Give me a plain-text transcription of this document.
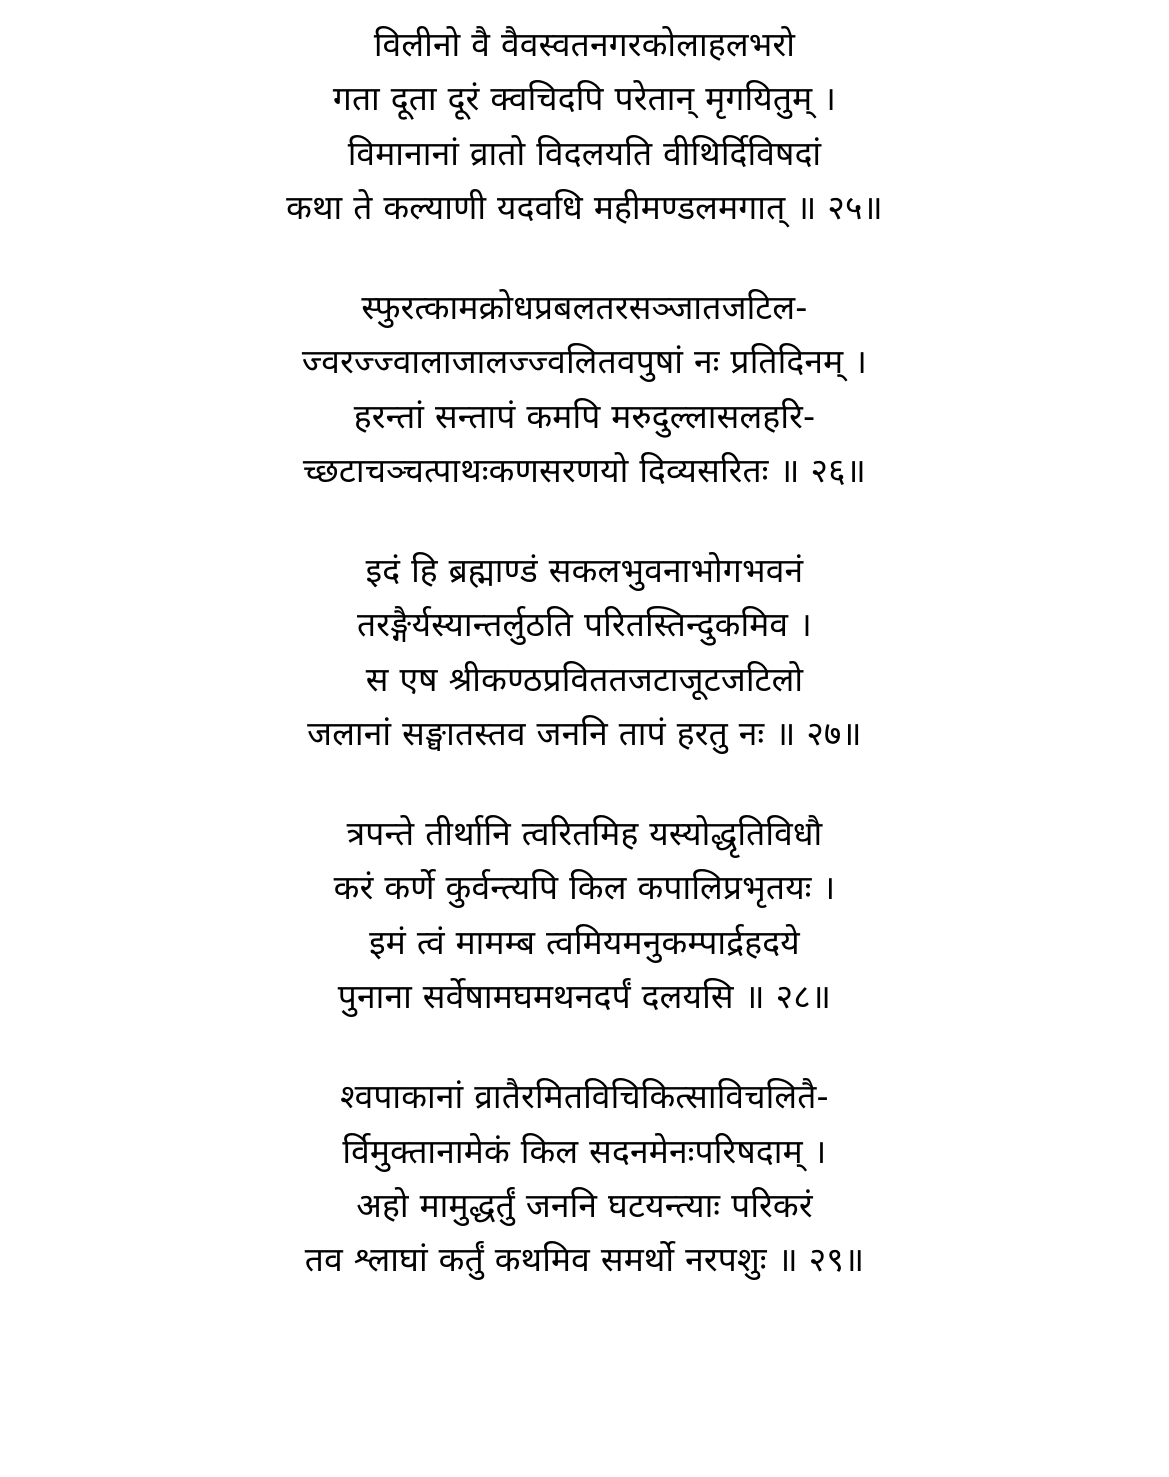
विलीनो वै वैवस्वतनगरकोलाहलभरो
गता दूता दूरं क्वचिदपि परेतान् मृगयितुम् ।
विमानानां व्रातो विदलयति वीथिर्दिविषदां
कथा ते कल्याणी यदवधि महीमण्डलमगात् ॥ २५॥
स्फुरत्कामक्रोधप्रबलतरसञ्जातजटिल-
ज्वरज्ज्वालाजालज्ज्वलितवपुषां नः प्रतिदिनम् ।
हरन्तां सन्तापं कमपि मरुदुल्लासलहरि-
च्छटाचञ्चत्पाथःकणसरणयो दिव्यसरितः ॥ २६॥
इदं हि ब्रह्माण्डं सकलभुवनाभोगभवनं
तरङ्गैर्यस्यान्तर्लुठति परितस्तिन्दुकमिव ।
स एष श्रीकण्ठप्रविततजटाजूटजटिलो
जलानां सङ्घातस्तव जननि तापं हरतु नः ॥ २७॥
त्रपन्ते तीर्थानि त्वरितमिह यस्योद्धृतिविधौ
करं कर्णे कुर्वन्त्यपि किल कपालिप्रभृतयः ।
इमं त्वं मामम्ब त्वमियमनुकम्पार्द्रहदये
पुनाना सर्वेषामघमथनदर्पं दलयसि ॥ २८॥
श्वपाकानां व्रातैरमितविचिकित्साविचलितै-
र्विमुक्तानामेकं किल सदनमेनःपरिषदाम् ।
अहो मामुद्धर्तुं जननि घटयन्त्याः परिकरं
तव श्लाघां कर्तुं कथमिव समर्थो नरपशुः ॥ २९॥
